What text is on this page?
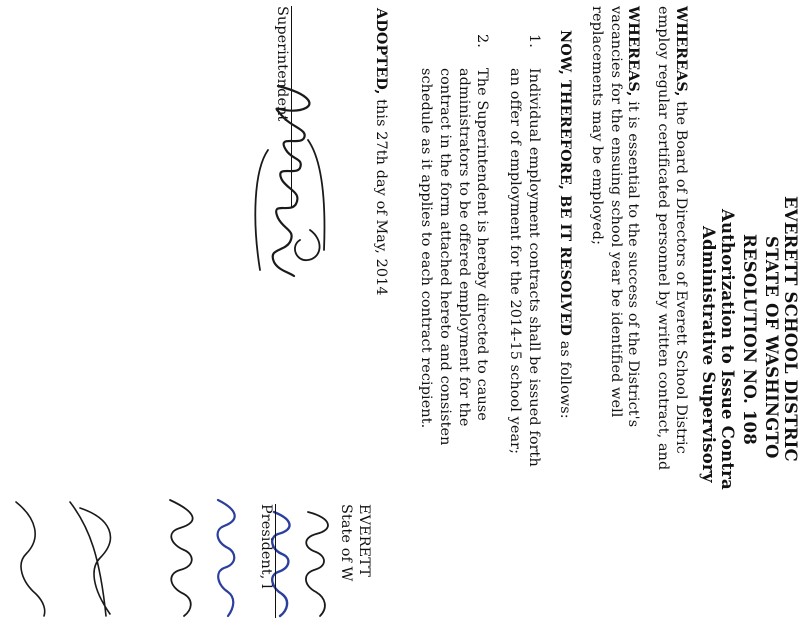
EVERETT SCHOOL DISTRIC
STATE OF WASHINGTO
RESOLUTION NO. 108
Authorization to Issue Contra
Administrative Supervisory
WHEREAS, the Board of Directors of Everett School Distric
employ regular certificated personnel by written contract, and
WHEREAS, it is essential to the success of the District's
vacancies for the ensuing school year be identified well
replacements may be employed;
NOW, THEREFORE, BE IT RESOLVED as follows:
1.
Individual employment contracts shall be issued forth
an offer of employment for the 2014-15 school year;
2.
The Superintendent is hereby directed to cause
administrators to be offered employment for the
contract in the form attached hereto and consisten
schedule as it applies to each contract recipient.
ADOPTED, this 27th day of May, 2014
Superintendent
EVERETT
State of W
President, l
